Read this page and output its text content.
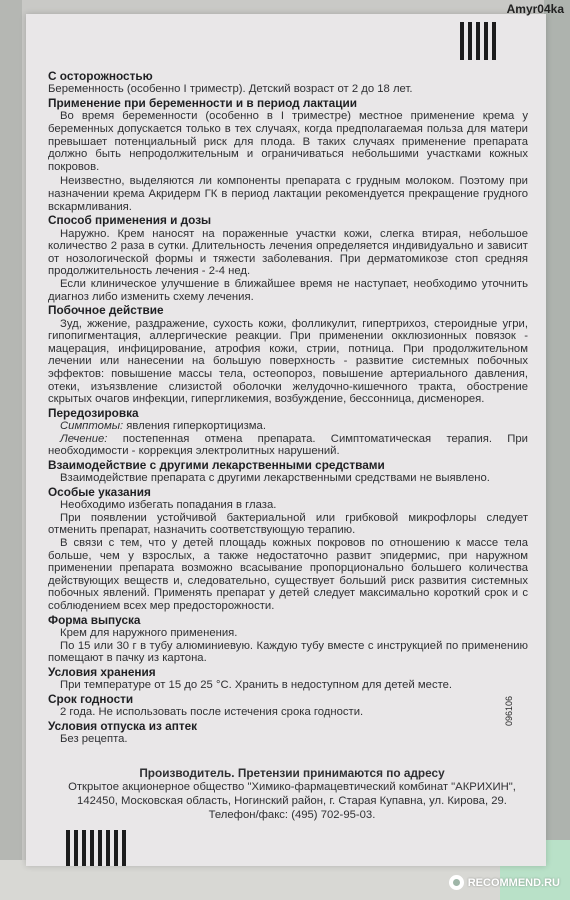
С осторожностью

Беременность (особенно I триместр). Детский возраст от 2 до 18 лет.

Применение при беременности и в период лактации

Во время беременности (особенно в I триместре) местное применение крема у беременных допускается только в тех случаях, когда предполагаемая польза для матери превышает потенциальный риск для плода. В таких случаях применение препарата должно быть непродолжительным и ограничиваться небольшими участками кожных покровов.

Неизвестно, выделяются ли компоненты препарата с грудным молоком. Поэтому при назначении крема Акридерм ГК в период лактации рекомендуется прекращение грудного вскармливания.

Способ применения и дозы

Наружно. Крем наносят на пораженные участки кожи, слегка втирая, небольшое количество 2 раза в сутки. Длительность лечения определяется индивидуально и зависит от нозологической формы и тяжести заболевания. При дерматомикозе стоп средняя продолжительность лечения - 2-4 нед.

Если клиническое улучшение в ближайшее время не наступает, необходимо уточнить диагноз либо изменить схему лечения.

Побочное действие

Зуд, жжение, раздражение, сухость кожи, фолликулит, гипертрихоз, стероидные угри, гипопигментация, аллергические реакции. При применении окклюзионных повязок - мацерация, инфицирование, атрофия кожи, стрии, потница. При продолжительном лечении или нанесении на большую поверхность - развитие системных побочных эффектов: повышение массы тела, остеопороз, повышение артериального давления, отеки, изъязвление слизистой оболочки желудочно-кишечного тракта, обострение скрытых очагов инфекции, гипергликемия, возбуждение, бессонница, дисменорея.

Передозировка

Симптомы: явления гиперкортицизма.

Лечение: постепенная отмена препарата. Симптоматическая терапия. При необходимости - коррекция электролитных нарушений.

Взаимодействие с другими лекарственными средствами

Взаимодействие препарата с другими лекарственными средствами не выявлено.

Особые указания

Необходимо избегать попадания в глаза.

При появлении устойчивой бактериальной или грибковой микрофлоры следует отменить препарат, назначить соответствующую терапию.

В связи с тем, что у детей площадь кожных покровов по отношению к массе тела больше, чем у взрослых, а также недостаточно развит эпидермис, при наружном применении препарата возможно всасывание пропорционально большего количества действующих веществ и, следовательно, существует больший риск развития системных побочных явлений. Применять препарат у детей следует максимально короткий срок и с соблюдением всех мер предосторожности.

Форма выпуска

Крем для наружного применения.

По 15 или 30 г в тубу алюминиевую. Каждую тубу вместе с инструкцией по применению помещают в пачку из картона.

Условия хранения

При температуре от 15 до 25 °С. Хранить в недоступном для детей месте.

Срок годности

2 года. Не использовать после истечения срока годности.

Условия отпуска из аптек

Без рецепта.

096106
Производитель. Претензии принимаются по адресу
Открытое акционерное общество "Химико-фармацевтический комбинат "АКРИХИН",
142450, Московская область, Ногинский район, г. Старая Купавна, ул. Кирова, 29.
Телефон/факс: (495) 702-95-03.
Amyr04ka
RECOMMEND.RU
